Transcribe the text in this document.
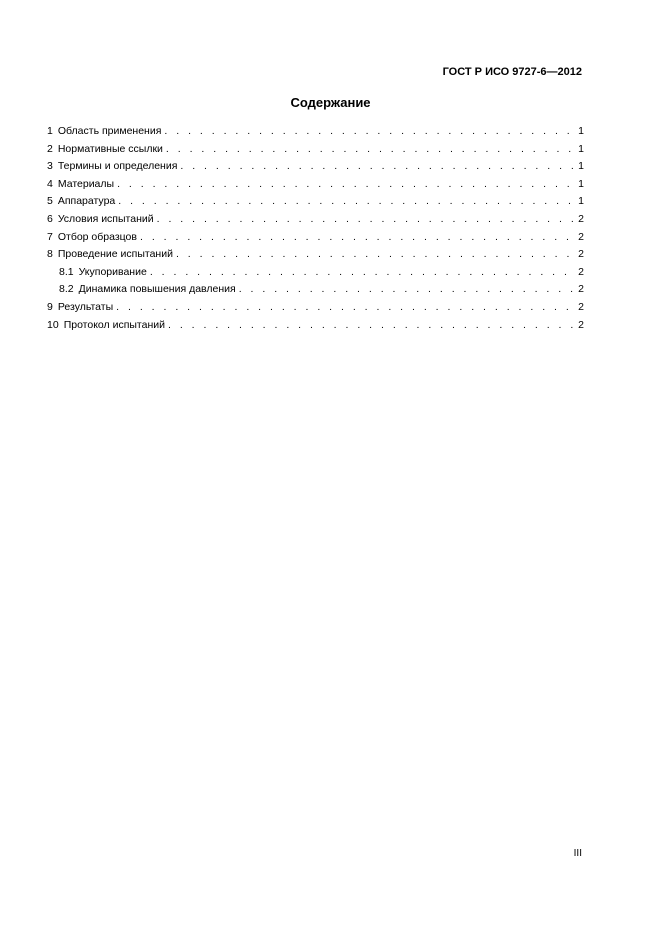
ГОСТ Р ИСО 9727-6—2012
Содержание
1 Область применения . . .	1
2 Нормативные ссылки . . .	1
3 Термины и определения . . .	1
4 Материалы . . .	1
5 Аппаратура . . .	1
6 Условия испытаний . . .	2
7 Отбор образцов . . .	2
8 Проведение испытаний . . .	2
8.1 Укупоривание . . .	2
8.2 Динамика повышения давления . . .	2
9 Результаты . . .	2
10 Протокол испытаний . . .	2
III
